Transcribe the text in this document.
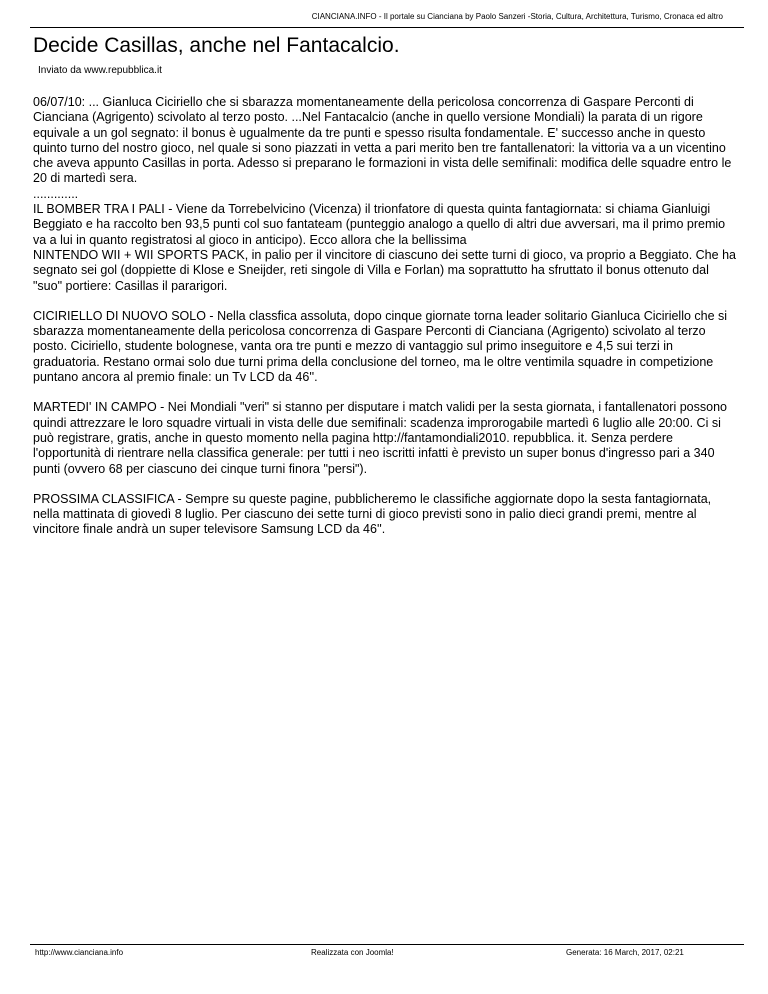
CIANCIANA.INFO - Il portale su Cianciana by Paolo Sanzeri -Storia, Cultura, Architettura, Turismo, Cronaca ed altro
Decide Casillas, anche nel Fantacalcio.
Inviato da www.repubblica.it

06/07/10: ... Gianluca Ciciriello che si sbarazza momentaneamente della pericolosa concorrenza di Gaspare Perconti di Cianciana (Agrigento) scivolato al terzo posto. ...Nel Fantacalcio (anche in quello versione Mondiali) la parata di un rigore equivale a un gol segnato: il bonus è ugualmente da tre punti e spesso risulta fondamentale. E' successo anche in questo quinto turno del nostro gioco, nel quale si sono piazzati in vetta a pari merito ben tre fantallenatori: la vittoria va a un vicentino che aveva appunto Casillas in porta. Adesso si preparano le formazioni in vista delle semifinali: modifica delle squadre entro le 20 di martedì sera.
.............
IL BOMBER TRA I PALI - Viene da Torrebelvicino (Vicenza) il trionfatore di questa quinta fantagiornata: si chiama Gianluigi Beggiato e ha raccolto ben 93,5 punti col suo fantateam (punteggio analogo a quello di altri due avversari, ma il primo premio va a lui in quanto registratosi al gioco in anticipo). Ecco allora che la bellissima
NINTENDO WII + WII SPORTS PACK, in palio per il vincitore di ciascuno dei sette turni di gioco, va proprio a Beggiato. Che ha segnato sei gol (doppiette di Klose e Sneijder, reti singole di Villa e Forlan) ma soprattutto ha sfruttato il bonus ottenuto dal "suo" portiere: Casillas il pararigori.

CICIRIELLO DI NUOVO SOLO - Nella classfica assoluta, dopo cinque giornate torna leader solitario Gianluca Ciciriello che si sbarazza momentaneamente della pericolosa concorrenza di Gaspare Perconti di Cianciana (Agrigento) scivolato al terzo posto. Ciciriello, studente bolognese, vanta ora tre punti e mezzo di vantaggio sul primo inseguitore e 4,5 sui terzi in graduatoria. Restano ormai solo due turni prima della conclusione del torneo, ma le oltre ventimila squadre in competizione puntano ancora al premio finale: un Tv LCD da 46''.

MARTEDI' IN CAMPO - Nei Mondiali "veri" si stanno per disputare i match validi per la sesta giornata, i fantallenatori possono quindi attrezzare le loro squadre virtuali in vista delle due semifinali: scadenza improrogabile martedì 6 luglio alle 20:00. Ci si può registrare, gratis, anche in questo momento nella pagina http://fantamondiali2010. repubblica. it. Senza perdere l'opportunità di rientrare nella classifica generale: per tutti i neo iscritti infatti è previsto un super bonus d'ingresso pari a 340 punti (ovvero 68 per ciascuno dei cinque turni finora "persi").

PROSSIMA CLASSIFICA - Sempre su queste pagine, pubblicheremo le classifiche aggiornate dopo la sesta fantagiornata, nella mattinata di giovedì 8 luglio. Per ciascuno dei sette turni di gioco previsti sono in palio dieci grandi premi, mentre al vincitore finale andrà un super televisore Samsung LCD da 46''.

http://www.cianciana.info	Realizzata con Joomla!	Generata: 16 March, 2017, 02:21
